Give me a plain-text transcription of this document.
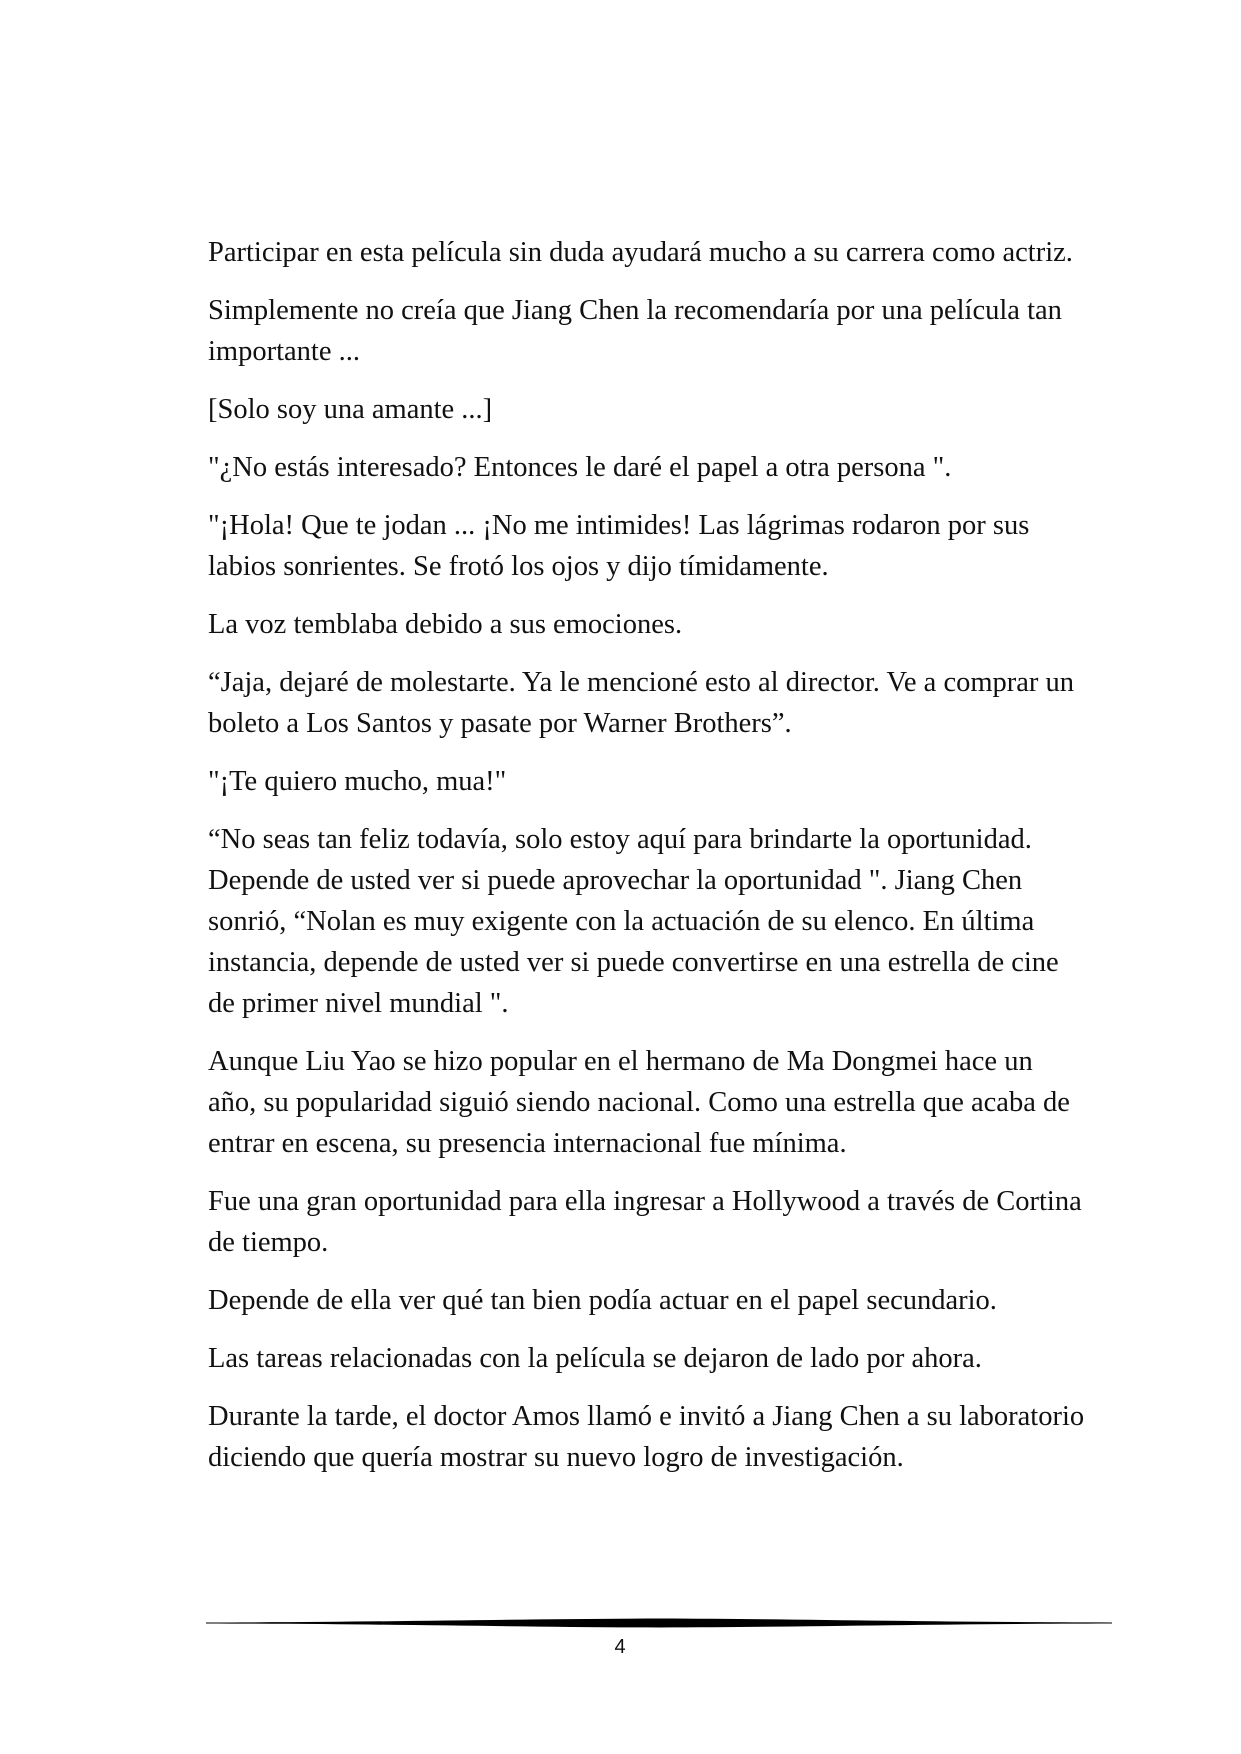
Participar en esta película sin duda ayudará mucho a su carrera como actriz.

Simplemente no creía que Jiang Chen la recomendaría por una película tan importante ...

[Solo soy una amante ...]

"¿No estás interesado? Entonces le daré el papel a otra persona ".

"¡Hola! Que te jodan ... ¡No me intimides! Las lágrimas rodaron por sus labios sonrientes. Se frotó los ojos y dijo tímidamente.

La voz temblaba debido a sus emociones.

“Jaja, dejaré de molestarte. Ya le mencioné esto al director. Ve a comprar un boleto a Los Santos y pasate por Warner Brothers”.

"¡Te quiero mucho, mua!"

“No seas tan feliz todavía, solo estoy aquí para brindarte la oportunidad. Depende de usted ver si puede aprovechar la oportunidad ". Jiang Chen sonrió, “Nolan es muy exigente con la actuación de su elenco. En última instancia, depende de usted ver si puede convertirse en una estrella de cine de primer nivel mundial ".

Aunque Liu Yao se hizo popular en el hermano de Ma Dongmei hace un año, su popularidad siguió siendo nacional. Como una estrella que acaba de entrar en escena, su presencia internacional fue mínima.

Fue una gran oportunidad para ella ingresar a Hollywood a través de Cortina de tiempo.

Depende de ella ver qué tan bien podía actuar en el papel secundario.

Las tareas relacionadas con la película se dejaron de lado por ahora.

Durante la tarde, el doctor Amos llamó e invitó a Jiang Chen a su laboratorio diciendo que quería mostrar su nuevo logro de investigación.

4
